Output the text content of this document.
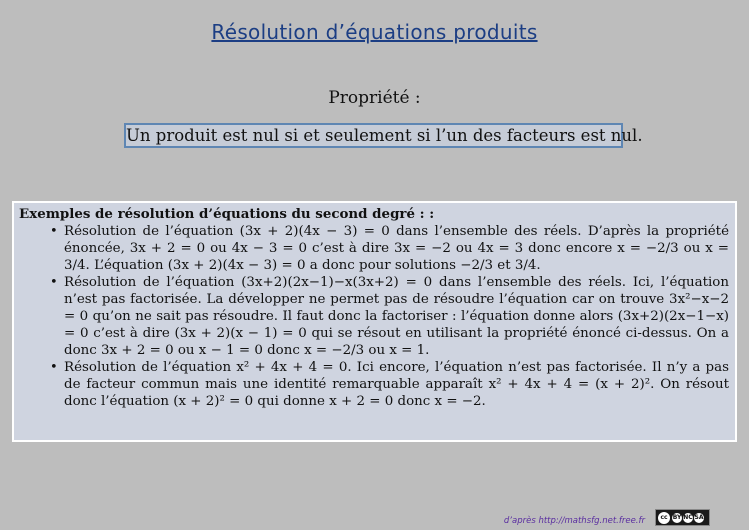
Résolution d’équations produits
Propriété :
Un produit est nul si et seulement si l’un des facteurs est nul.
Exemples de résolution d’équations du second degré : :
• Résolution de l’équation (3x + 2)(4x − 3) = 0 dans l’ensemble des réels. D’après la propriété énoncée, 3x + 2 = 0 ou 4x − 3 = 0 c’est à dire 3x = −2 ou 4x = 3 donc encore x = −2/3 ou x = 3/4. L’équation (3x + 2)(4x − 3) = 0 a donc pour solutions −2/3 et 3/4.
• Résolution de l’équation (3x+2)(2x−1)−x(3x+2) = 0 dans l’ensemble des réels. Ici, l’équation n’est pas factorisée. La développer ne permet pas de résoudre l’équation car on trouve 3x²−x−2 = 0 qu’on ne sait pas résoudre. Il faut donc la factoriser : l’équation donne alors (3x+2)(2x−1−x) = 0 c’est à dire (3x + 2)(x − 1) = 0 qui se résout en utilisant la propriété énoncé ci-dessus. On a donc 3x + 2 = 0 ou x − 1 = 0 donc x = −2/3 ou x = 1.
• Résolution de l’équation x² + 4x + 4 = 0. Ici encore, l’équation n’est pas factorisée. Il n’y a pas de facteur commun mais une identité remarquable apparaît x² + 4x + 4 = (x + 2)². On résout donc l’équation (x + 2)² = 0 qui donne x + 2 = 0 donc x = −2.
d’après http://mathsfg.net.free.fr	cc BY NC SA
